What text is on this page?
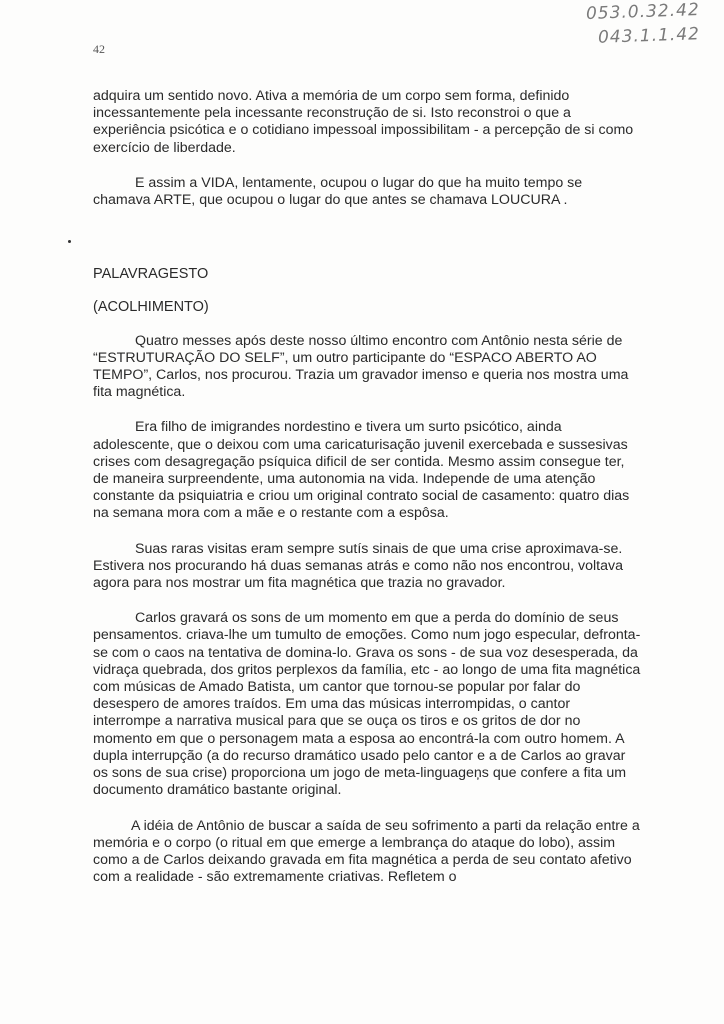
053.0.32.42
043.1.1.42
42

adquira um sentido novo. Ativa a memória de um corpo sem forma, definido incessantemente pela incessante reconstrução de si. Isto reconstroi o que a experiência psicótica e o cotidiano impessoal impossibilitam - a percepção de si como exercício de liberdade.

E assim a VIDA, lentamente, ocupou o lugar do que ha muito tempo se chamava ARTE, que ocupou o lugar do que antes se chamava LOUCURA .

PALAVRAGESTO

(ACOLHIMENTO)

Quatro messes após deste nosso último encontro com Antônio nesta série de “ESTRUTURAÇÃO DO SELF”, um outro participante do “ESPACO ABERTO AO TEMPO”, Carlos, nos procurou. Trazia um gravador imenso e queria nos mostra uma fita magnética.

Era filho de imigrandes nordestino e tivera um surto psicótico, ainda adolescente, que o deixou com uma caricaturisação juvenil exercebada e sussesivas crises com desagregação psíquica dificil de ser contida. Mesmo assim consegue ter, de maneira surpreendente, uma autonomia na vida. Independe de uma atenção constante da psiquiatria e criou um original contrato social de casamento: quatro dias na semana mora com a mãe e o restante com a espôsa.

Suas raras visitas eram sempre sutís sinais de que uma crise aproximava-se. Estivera nos procurando há duas semanas atrás e como não nos encontrou, voltava agora para nos mostrar um fita magnética que trazia no gravador.

Carlos gravará os sons de um momento em que a perda do domínio de seus pensamentos. criava-lhe um tumulto de emoções. Como num jogo especular, defronta-se com o caos na tentativa de domina-lo. Grava os sons - de sua voz desesperada, da vidraça quebrada, dos gritos perplexos da família, etc - ao longo de uma fita magnética com músicas de Amado Batista, um cantor que tornou-se popular por falar do desespero de amores traídos. Em uma das músicas interrompidas, o cantor interrompe a narrativa musical para que se ouça os tiros e os gritos de dor no momento em que o personagem mata a esposa ao encontrá-la com outro homem. A dupla interrupção (a do recurso dramático usado pelo cantor e a de Carlos ao gravar os sons de sua crise) proporciona um jogo de meta-linguageņs que confere a fita um documento dramático bastante original.

A idéia de Antônio de buscar a saída de seu sofrimento a parti da relação entre a memória e o corpo (o ritual em que emerge a lembrança do ataque do lobo), assim como a de Carlos deixando gravada em fita magnética a perda de seu contato afetivo com a realidade - são extremamente criativas. Refletem o
